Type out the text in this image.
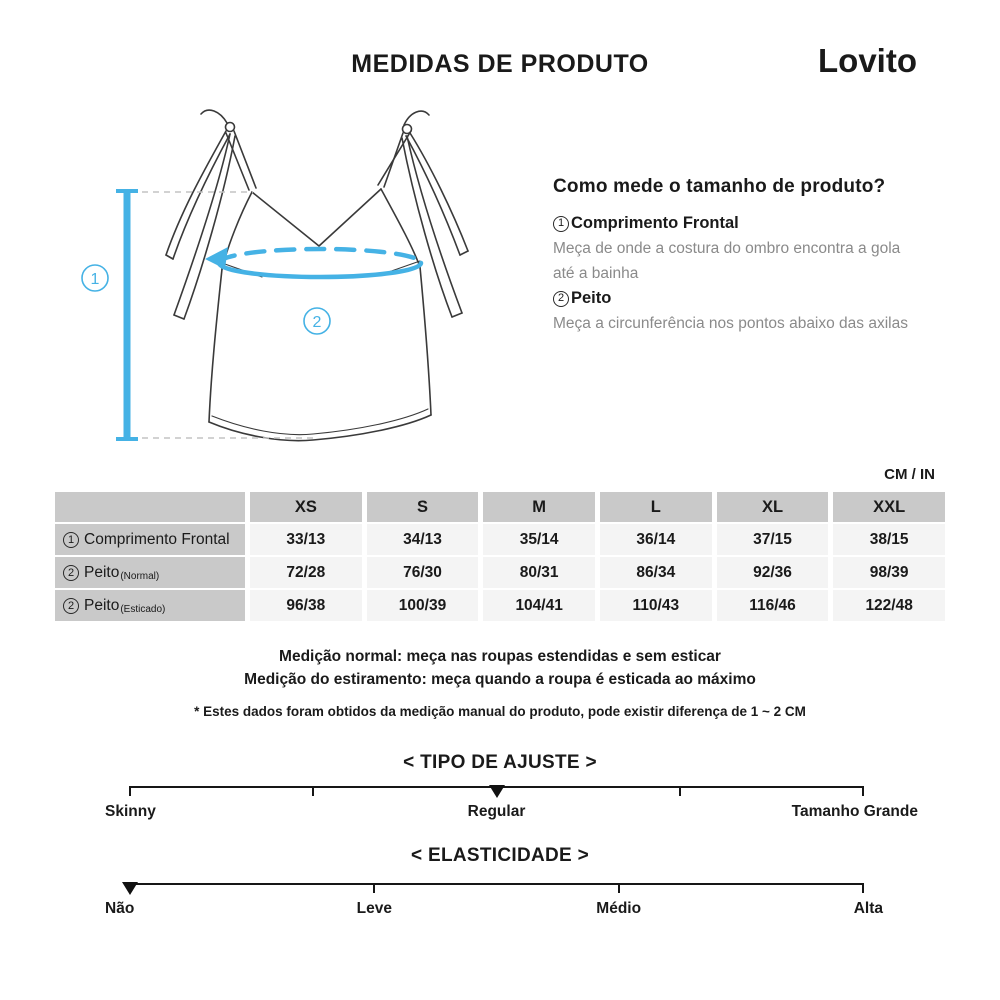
MEDIDAS DE PRODUTO	Lovito
1
2
Como mede o tamanho de produto?
1 Comprimento Frontal
Meça de onde a costura do ombro encontra a gola até a bainha
2 Peito
Meça a circunferência nos pontos abaixo das axilas
CM / IN
XS	S	M	L	XL	XXL
1 Comprimento Frontal	33/13	34/13	35/14	36/14	37/15	38/15
2 Peito(Normal)	72/28	76/30	80/31	86/34	92/36	98/39
2 Peito(Esticado)	96/38	100/39	104/41	110/43	116/46	122/48
Medição normal: meça nas roupas estendidas e sem esticar
Medição do estiramento: meça quando a roupa é esticada ao máximo
* Estes dados foram obtidos da medição manual do produto, pode existir diferença de 1 ~ 2 CM
< TIPO DE AJUSTE >
Skinny	Regular	Tamanho Grande
< ELASTICIDADE >
Não	Leve	Médio	Alta
